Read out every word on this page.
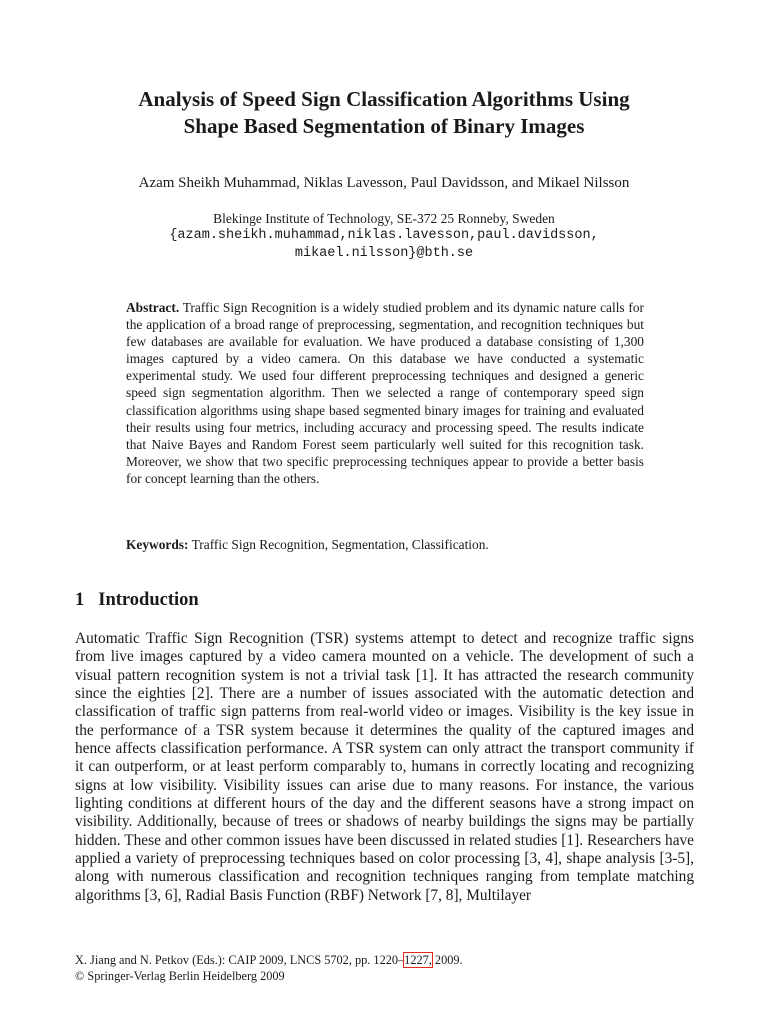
Analysis of Speed Sign Classification Algorithms Using
Shape Based Segmentation of Binary Images
Azam Sheikh Muhammad, Niklas Lavesson, Paul Davidsson, and Mikael Nilsson
Blekinge Institute of Technology, SE-372 25 Ronneby, Sweden
{azam.sheikh.muhammad,niklas.lavesson,paul.davidsson,
mikael.nilsson}@bth.se
Abstract. Traffic Sign Recognition is a widely studied problem and its dynamic nature calls for the application of a broad range of preprocessing, segmentation, and recognition techniques but few databases are available for evaluation. We have produced a database consisting of 1,300 images captured by a video camera. On this database we have conducted a systematic experimental study. We used four different preprocessing techniques and designed a generic speed sign segmentation algorithm. Then we selected a range of contemporary speed sign classification algorithms using shape based segmented binary images for training and evaluated their results using four metrics, including accuracy and processing speed. The results indicate that Naive Bayes and Random Forest seem particularly well suited for this recognition task. Moreover, we show that two specific preprocessing techniques appear to provide a better basis for concept learning than the others.
Keywords: Traffic Sign Recognition, Segmentation, Classification.
1 Introduction
Automatic Traffic Sign Recognition (TSR) systems attempt to detect and recognize traffic signs from live images captured by a video camera mounted on a vehicle. The development of such a visual pattern recognition system is not a trivial task [1]. It has attracted the research community since the eighties [2]. There are a number of issues associated with the automatic detection and classification of traffic sign patterns from real-world video or images. Visibility is the key issue in the performance of a TSR system because it determines the quality of the captured images and hence affects classification performance. A TSR system can only attract the transport community if it can outperform, or at least perform comparably to, humans in correctly locating and recognizing signs at low visibility. Visibility issues can arise due to many reasons. For instance, the various lighting conditions at different hours of the day and the different seasons have a strong impact on visibility. Additionally, because of trees or shadows of nearby buildings the signs may be partially hidden. These and other common issues have been discussed in related studies [1]. Researchers have applied a variety of preprocessing techniques based on color processing [3, 4], shape analysis [3-5], along with numerous classification and recognition techniques ranging from template matching algorithms [3, 6], Radial Basis Function (RBF) Network [7, 8], Multilayer
X. Jiang and N. Petkov (Eds.): CAIP 2009, LNCS 5702, pp. 1220–1227, 2009.
© Springer-Verlag Berlin Heidelberg 2009
